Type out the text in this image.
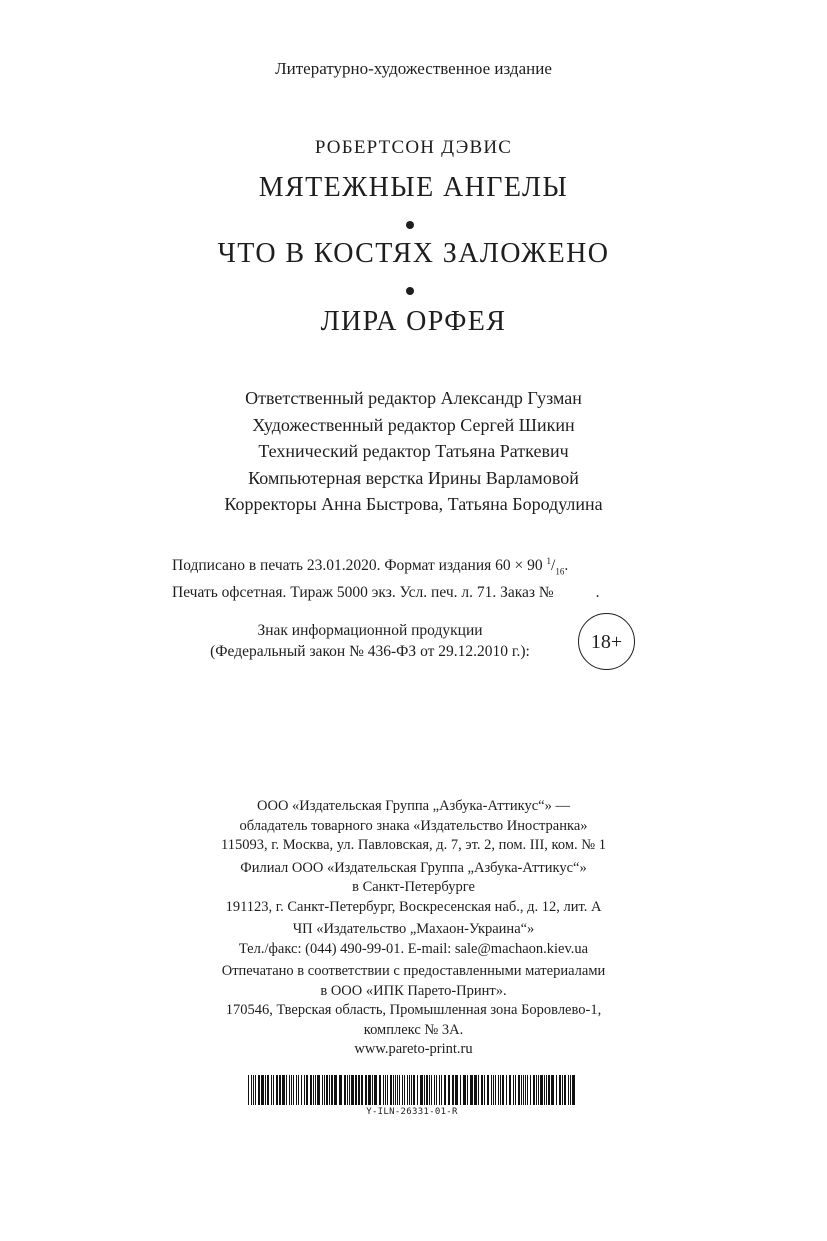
Литературно-художественное издание
РОБЕРТСОН ДЭВИС
МЯТЕЖНЫЕ АНГЕЛЫ
ЧТО В КОСТЯХ ЗАЛОЖЕНО
ЛИРА ОРФЕЯ
Ответственный редактор Александр Гузман
Художественный редактор Сергей Шикин
Технический редактор Татьяна Раткевич
Компьютерная верстка Ирины Варламовой
Корректоры Анна Быстрова, Татьяна Бородулина
Подписано в печать 23.01.2020. Формат издания 60 × 90 $^1/_{16}$.
Печать офсетная. Тираж 5000 экз. Усл. печ. л. 71. Заказ №	.
Знак информационной продукции
(Федеральный закон № 436-ФЗ от 29.12.2010 г.):	18+
ООО «Издательская Группа „Азбука-Аттикус“» —
обладатель товарного знака «Издательство Иностранка»
115093, г. Москва, ул. Павловская, д. 7, эт. 2, пом. III, ком. № 1
Филиал ООО «Издательская Группа „Азбука-Аттикус“»
в Санкт-Петербурге
191123, г. Санкт-Петербург, Воскресенская наб., д. 12, лит. А
ЧП «Издательство „Махаон-Украина“»
Тел./факс: (044) 490-99-01. E-mail: sale@machaon.kiev.ua
Отпечатано в соответствии с предоставленными материалами
в ООО «ИПК Парето-Принт».
170546, Тверская область, Промышленная зона Боровлево-1,
комплекс № 3А.
www.pareto-print.ru
Y-ILN-26331-01-R
